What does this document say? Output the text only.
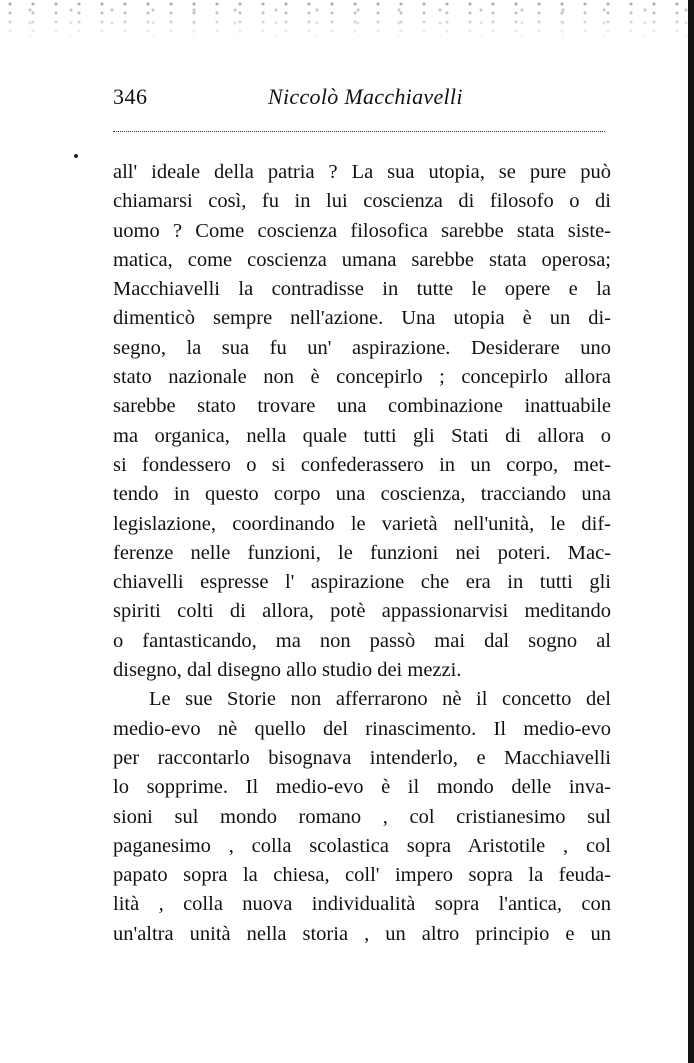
346	Niccolò Macchiavelli
all' ideale della patria ? La sua utopia, se pure può
chiamarsi così, fu in lui coscienza di filosofo o di
uomo ? Come coscienza filosofica sarebbe stata siste-
matica, come coscienza umana sarebbe stata operosa;
Macchiavelli la contradisse in tutte le opere e la
dimenticò sempre nell'azione. Una utopia è un di-
segno, la sua fu un' aspirazione. Desiderare uno
stato nazionale non è concepirlo ; concepirlo allora
sarebbe stato trovare una combinazione inattuabile
ma organica, nella quale tutti gli Stati di allora o
si fondessero o si confederassero in un corpo, met-
tendo in questo corpo una coscienza, tracciando una
legislazione, coordinando le varietà nell'unità, le dif-
ferenze nelle funzioni, le funzioni nei poteri. Mac-
chiavelli espresse l' aspirazione che era in tutti gli
spiriti colti di allora, potè appassionarvisi meditando
o fantasticando, ma non passò mai dal sogno al
disegno, dal disegno allo studio dei mezzi.
Le sue Storie non afferrarono nè il concetto del
medio-evo nè quello del rinascimento. Il medio-evo
per raccontarlo bisognava intenderlo, e Macchiavelli
lo sopprime. Il medio-evo è il mondo delle inva-
sioni sul mondo romano , col cristianesimo sul
paganesimo , colla scolastica sopra Aristotile , col
papato sopra la chiesa, coll' impero sopra la feuda-
lità , colla nuova individualità sopra l'antica, con
un'altra unità nella storia , un altro principio e un
